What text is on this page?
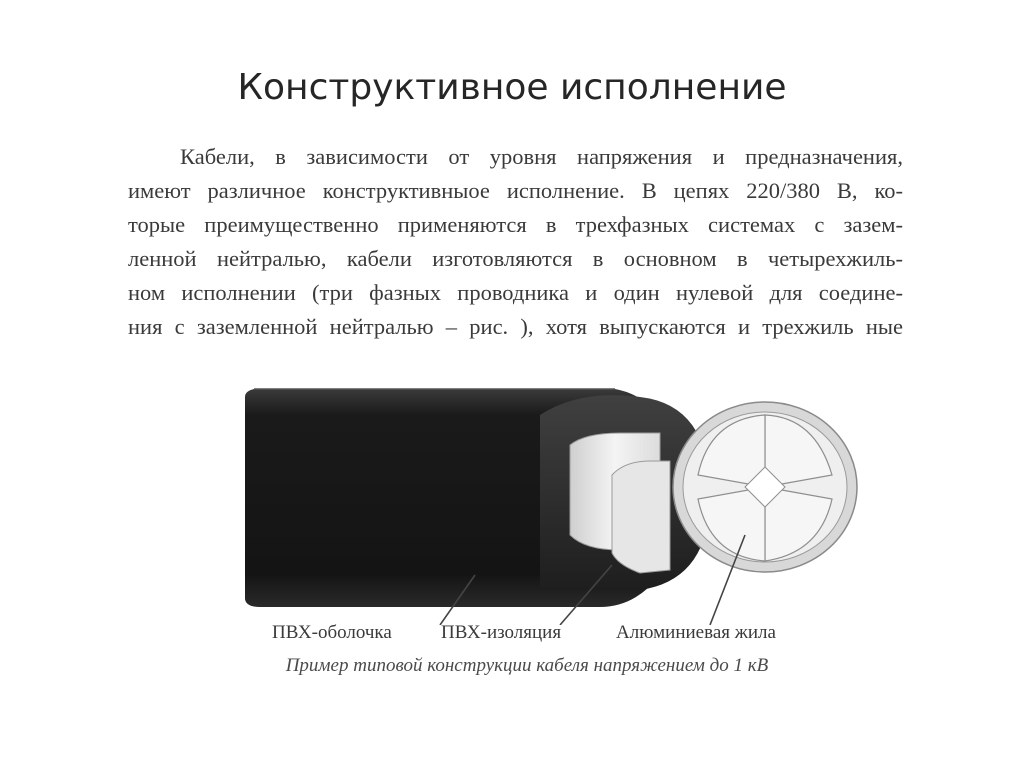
Конструктивное исполнение
Кабели, в зависимости от уровня напряжения и предназначения,
имеют различное конструктивныое исполнение. В цепях 220/380 В, ко-
торые преимущественно применяются в трехфазных системах с зазем-
ленной нейтралью, кабели изготовляются в основном в четырехжиль-
ном исполнении (три фазных проводника и один нулевой для соедине-
ния с заземленной нейтралью – рис. ), хотя выпускаются и трехжиль ные
ПВХ-оболочка	ПВХ-изоляция	Алюминиевая жила
Пример типовой конструкции кабеля напряжением до 1 кВ
